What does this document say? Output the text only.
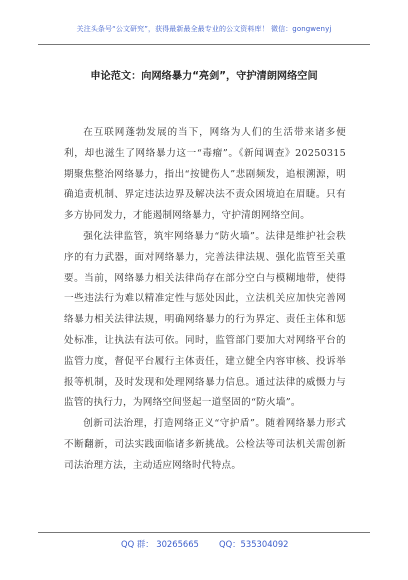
关注头条号“公文研究”，获得最新最全最专业的公文资料库！ 微信：gongwenyj
申论范文：向网络暴力“亮剑”，守护清朗网络空间

在互联网蓬勃发展的当下，网络为人们的生活带来诸多便利，却也滋生了网络暴力这一“毒瘤”。《新闻调查》20250315期聚焦整治网络暴力，指出“按键伤人”悲剧频发，追根溯源，明确追责机制、界定违法边界及解决法不责众困境迫在眉睫。只有多方协同发力，才能遏制网络暴力，守护清朗网络空间。

强化法律监管，筑牢网络暴力“防火墙”。法律是维护社会秩序的有力武器，面对网络暴力，完善法律法规、强化监管至关重要。当前，网络暴力相关法律尚存在部分空白与模糊地带，使得一些违法行为难以精准定性与惩处因此，立法机关应加快完善网络暴力相关法律法规，明确网络暴力的行为界定、责任主体和惩处标准，让执法有法可依。同时，监管部门要加大对网络平台的监管力度，督促平台履行主体责任，建立健全内容审核、投诉举报等机制，及时发现和处理网络暴力信息。通过法律的威慑力与监管的执行力，为网络空间竖起一道坚固的“防火墙”。

创新司法治理，打造网络正义“守护盾”。随着网络暴力形式不断翻新，司法实践面临诸多新挑战。公检法等司法机关需创新司法治理方法，主动适应网络时代特点。

QQ 群： 30265665 QQ：535304092
